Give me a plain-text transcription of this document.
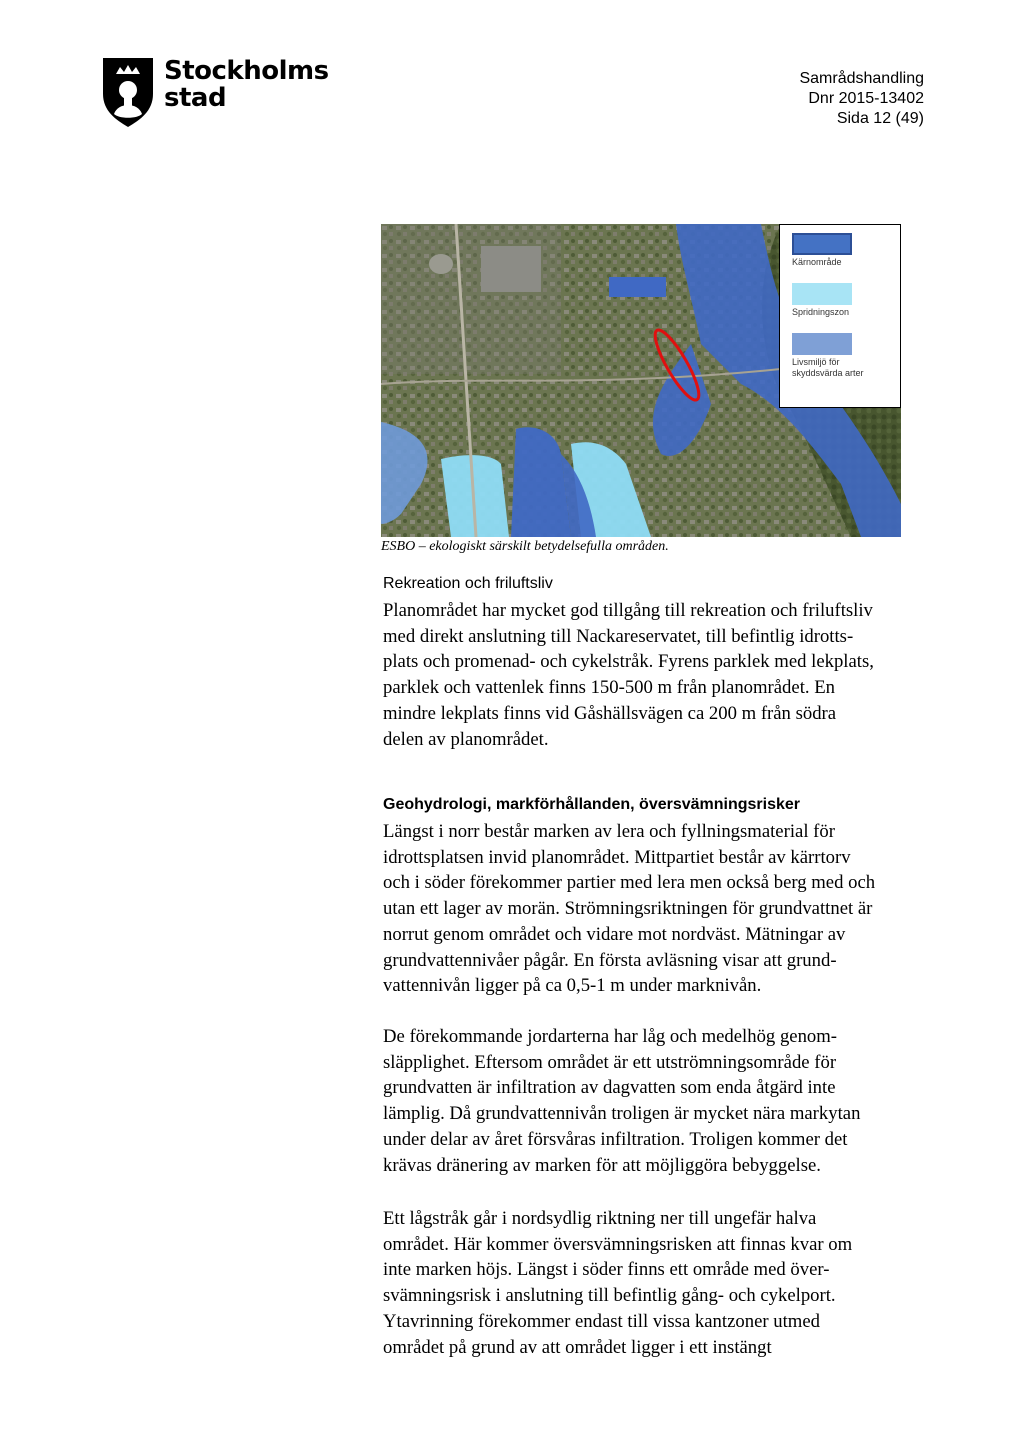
Stockholms
stad
Samrådshandling
Dnr 2015-13402
Sida 12 (49)
Kärnområde
Spridningszon
Livsmiljö för skyddsvärda arter
ESBO – ekologiskt särskilt betydelsefulla områden.
Rekreation och friluftsliv

Planområdet har mycket god tillgång till rekreation och friluftsliv

med direkt anslutning till Nackareservatet, till befintlig idrotts-

plats och promenad- och cykelstråk. Fyrens parklek med lekplats,

parklek och vattenlek finns 150-500 m från planområdet. En

mindre lekplats finns vid Gåshällsvägen ca 200 m från södra

delen av planområdet.

Geohydrologi, markförhållanden, översvämningsrisker

Längst i norr består marken av lera och fyllningsmaterial för

idrottsplatsen invid planområdet. Mittpartiet består av kärrtorv

och i söder förekommer partier med lera men också berg med och

utan ett lager av morän. Strömningsriktningen för grundvattnet är

norrut genom området och vidare mot nordväst. Mätningar av

grundvattennivåer pågår. En första avläsning visar att grund-

vattennivån ligger på ca 0,5-1 m under marknivån.

De förekommande jordarterna har låg och medelhög genom-

släpplighet. Eftersom området är ett utströmningsområde för

grundvatten är infiltration av dagvatten som enda åtgärd inte

lämplig. Då grundvattennivån troligen är mycket nära markytan

under delar av året försvåras infiltration. Troligen kommer det

krävas dränering av marken för att möjliggöra bebyggelse.

Ett lågstråk går i nordsydlig riktning ner till ungefär halva

området. Här kommer översvämningsrisken att finnas kvar om

inte marken höjs. Längst i söder finns ett område med över-

svämningsrisk i anslutning till befintlig gång- och cykelport.

Ytavrinning förekommer endast till vissa kantzoner utmed

området på grund av att området ligger i ett instängt
